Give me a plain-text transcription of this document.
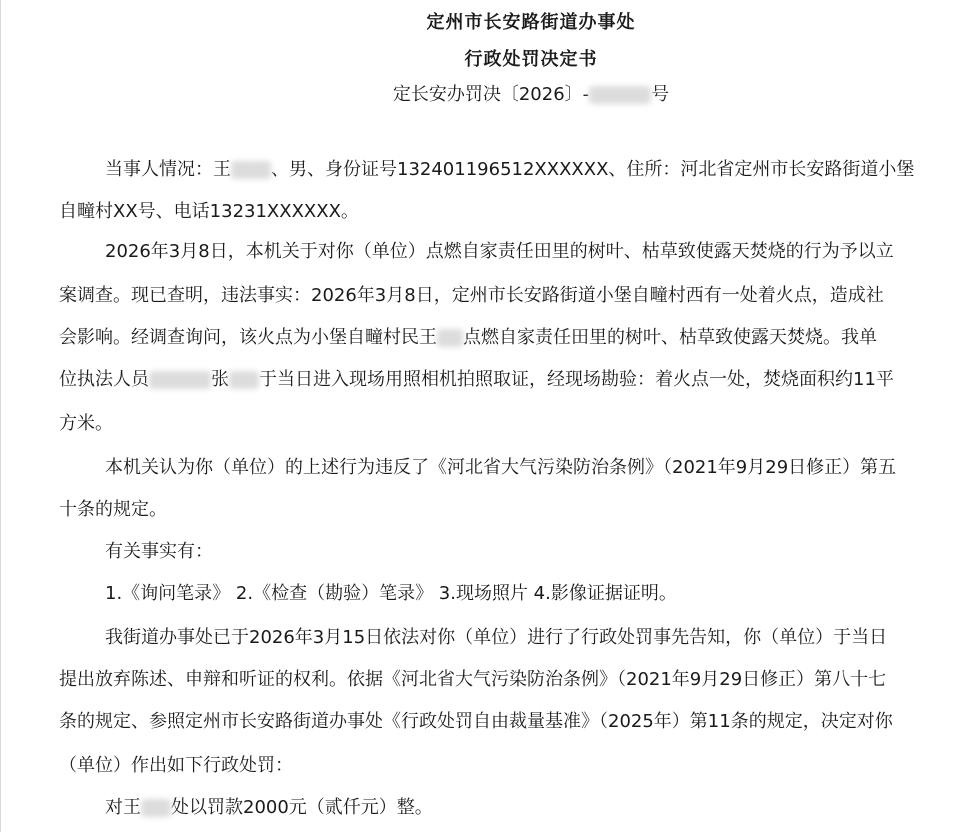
定州市长安路街道办事处
行政处罚决定书
定长安办罚决〔2026〕-	号
当事人情况：王 、男、身份证号132401196512XXXXXX、住所：河北省定州市长安路街道小堡
自疃村XX号、电话13231XXXXXX。
2026年3月8日，本机关于对你（单位）点燃自家责任田里的树叶、枯草致使露天焚烧的行为予以立
案调查。现已查明，违法事实：2026年3月8日，定州市长安路街道小堡自疃村西有一处着火点，造成社
会影响。经调查询问，该火点为小堡自疃村民王 点燃自家责任田里的树叶、枯草致使露天焚烧。我单
位执法人员	张 于当日进入现场用照相机拍照取证，经现场勘验：着火点一处，焚烧面积约11平
方米。
本机关认为你（单位）的上述行为违反了《河北省大气污染防治条例》（2021年9月29日修正）第五
十条的规定。
有关事实有：
1.《询问笔录》 2.《检查（勘验）笔录》 3.现场照片 4.影像证据证明。
我街道办事处已于2026年3月15日依法对你（单位）进行了行政处罚事先告知，你（单位）于当日
提出放弃陈述、申辩和听证的权利。依据《河北省大气污染防治条例》（2021年9月29日修正）第八十七
条的规定、参照定州市长安路街道办事处《行政处罚自由裁量基准》（2025年）第11条的规定，决定对你
（单位）作出如下行政处罚：
对王 处以罚款2000元（贰仟元）整。
